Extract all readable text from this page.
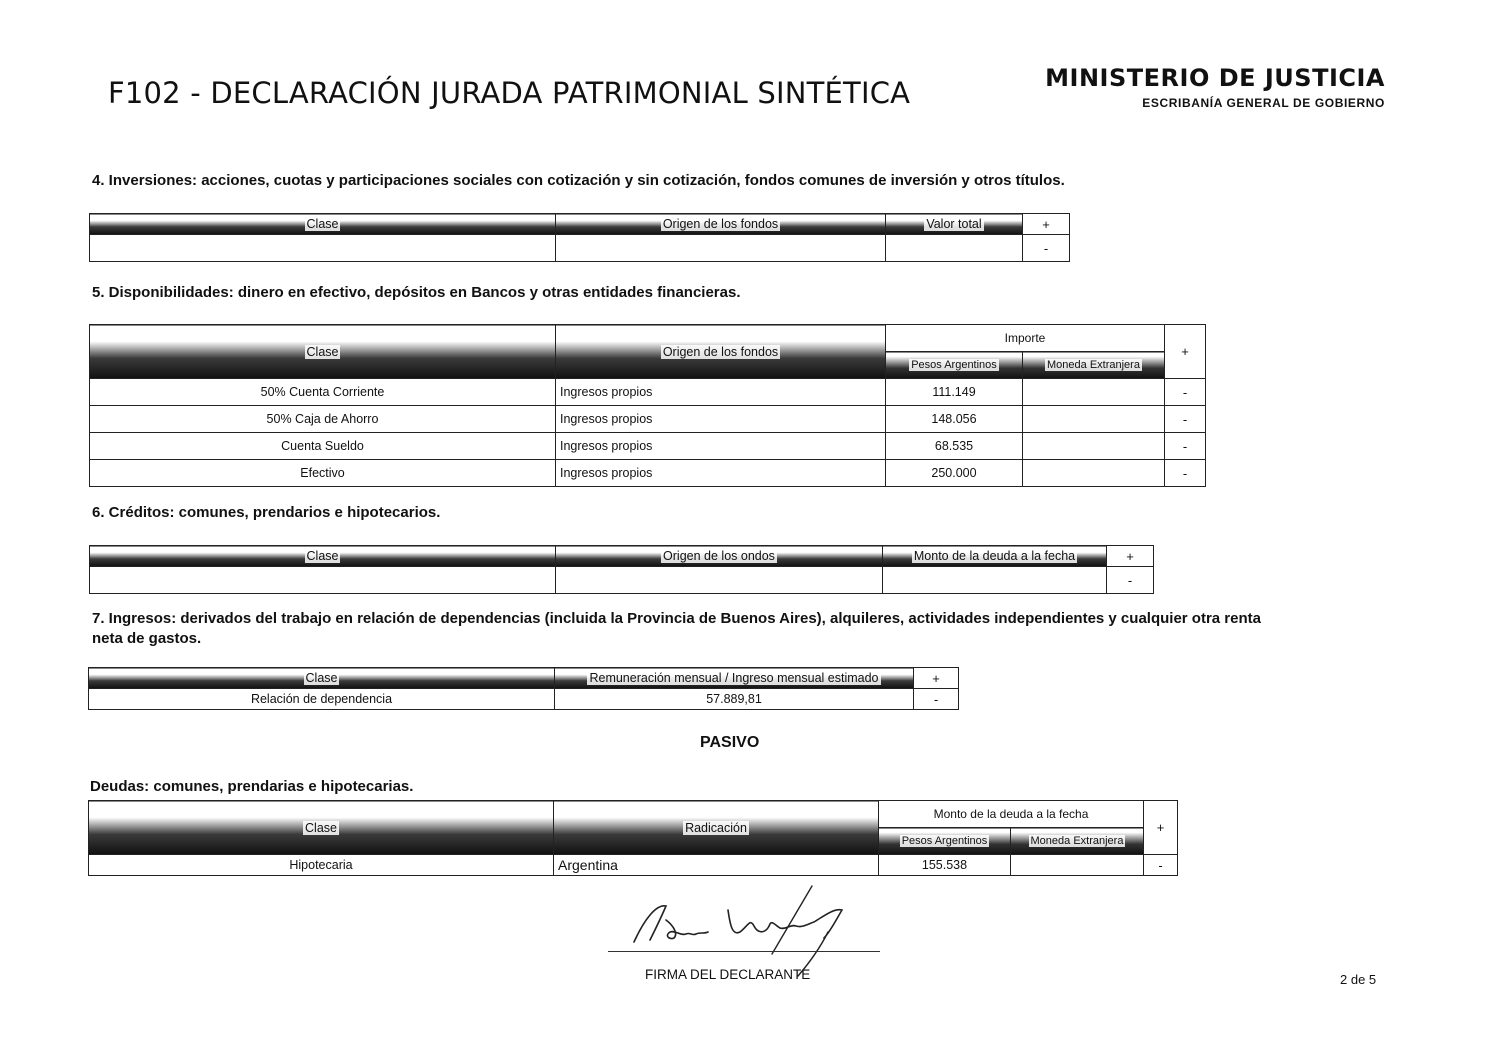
F102 - DECLARACIÓN JURADA PATRIMONIAL SINTÉTICA	MINISTERIO DE JUSTICIA
ESCRIBANÍA GENERAL DE GOBIERNO
4. Inversiones: acciones, cuotas y participaciones sociales con cotización y sin cotización, fondos comunes de inversión y otros títulos.
Clase	Origen de los fondos	Valor total	+
			-
5. Disponibilidades: dinero en efectivo, depósitos en Bancos y otras entidades financieras.
Clase	Origen de los fondos	Importe		+
		Pesos Argentinos	Moneda Extranjera	
50% Cuenta Corriente	Ingresos propios	111.149		-
50% Caja de Ahorro	Ingresos propios	148.056		-
Cuenta Sueldo	Ingresos propios	68.535		-
Efectivo	Ingresos propios	250.000		-
6. Créditos: comunes, prendarios e hipotecarios.
Clase	Origen de los ondos	Monto de la deuda a la fecha	+
			-
7. Ingresos: derivados del trabajo en relación de dependencias (incluida la Provincia de Buenos Aires), alquileres, actividades independientes y cualquier otra renta
neta de gastos.
Clase	Remuneración mensual / Ingreso mensual estimado	+
Relación de dependencia	57.889,81	-
PASIVO
Deudas: comunes, prendarias e hipotecarias.
Clase	Radicación	Monto de la deuda a la fecha		+
		Pesos Argentinos	Moneda Extranjera	
Hipotecaria	Argentina	155.538		-
FIRMA DEL DECLARANTE	2 de 5
